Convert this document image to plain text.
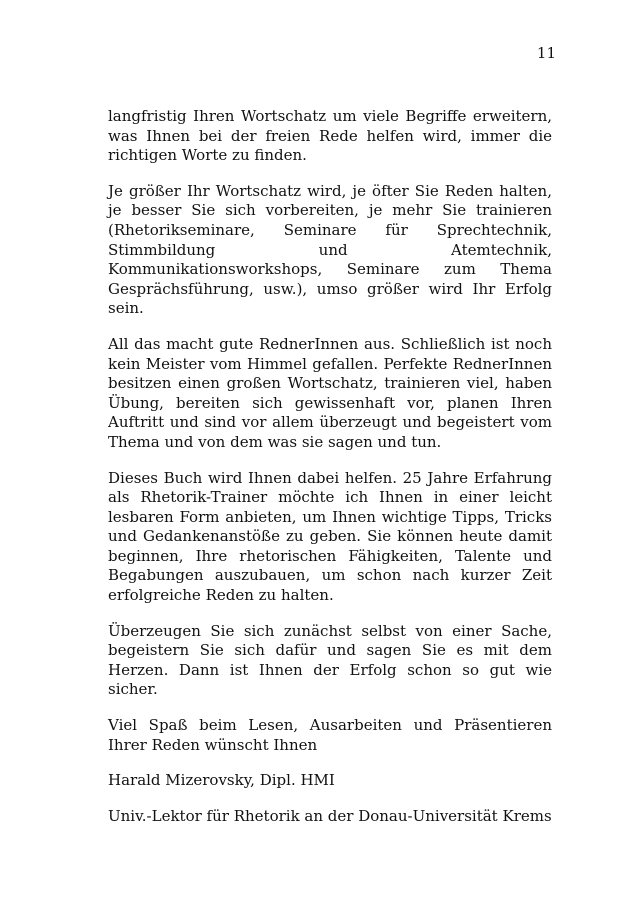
11

langfristig Ihren Wortschatz um viele Begriffe erweitern, was Ihnen bei der freien Rede helfen wird, immer die richtigen Worte zu finden.

Je größer Ihr Wortschatz wird, je öfter Sie Reden halten, je besser Sie sich vorbereiten, je mehr Sie trainieren (Rhetorikseminare, Seminare für Sprechtechnik, Stimmbildung und Atemtechnik, Kommunikationsworkshops, Seminare zum Thema Gesprächsführung, usw.), umso größer wird Ihr Erfolg sein.

All das macht gute RednerInnen aus. Schließlich ist noch kein Meister vom Himmel gefallen. Perfekte RednerInnen besitzen einen großen Wortschatz, trainieren viel, haben Übung, bereiten sich gewissenhaft vor, planen Ihren Auftritt und sind vor allem überzeugt und begeistert vom Thema und von dem was sie sagen und tun.

Dieses Buch wird Ihnen dabei helfen. 25 Jahre Erfahrung als Rhetorik-Trainer möchte ich Ihnen in einer leicht lesbaren Form anbieten, um Ihnen wichtige Tipps, Tricks und Gedankenanstöße zu geben. Sie können heute damit beginnen, Ihre rhetorischen Fähigkeiten, Talente und Begabungen auszubauen, um schon nach kurzer Zeit erfolgreiche Reden zu halten.

Überzeugen Sie sich zunächst selbst von einer Sache, begeistern Sie sich dafür und sagen Sie es mit dem Herzen. Dann ist Ihnen der Erfolg schon so gut wie sicher.

Viel Spaß beim Lesen, Ausarbeiten und Präsentieren Ihrer Reden wünscht Ihnen

Harald Mizerovsky, Dipl. HMI

Univ.-Lektor für Rhetorik an der Donau-Universität Krems
